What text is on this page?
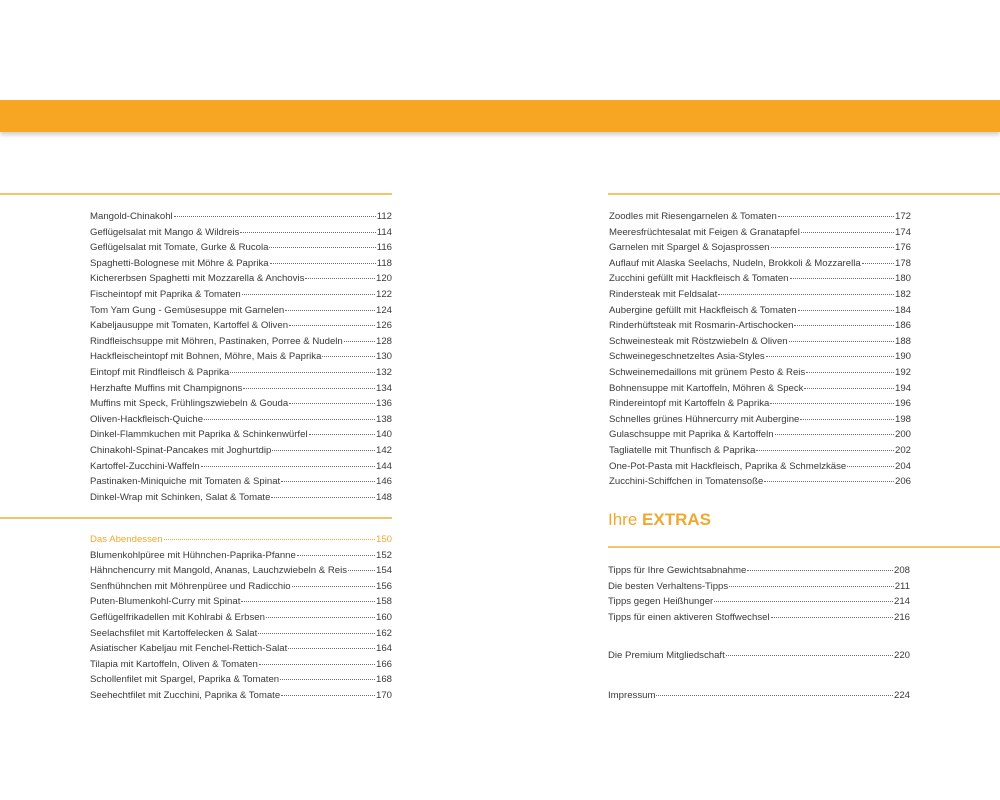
Mangold-Chinakohl	112
Geflügelsalat mit Mango & Wildreis	114
Geflügelsalat mit Tomate, Gurke & Rucola	116
Spaghetti-Bolognese mit Möhre & Paprika	118
Kichererbsen Spaghetti mit Mozzarella & Anchovis	120
Fischeintopf mit Paprika & Tomaten	122
Tom Yam Gung - Gemüsesuppe mit Garnelen	124
Kabeljausuppe mit Tomaten, Kartoffel & Oliven	126
Rindfleischsuppe mit Möhren, Pastinaken, Porree & Nudeln	128
Hackfleischeintopf mit Bohnen, Möhre, Mais & Paprika	130
Eintopf mit Rindfleisch & Paprika	132
Herzhafte Muffins mit Champignons	134
Muffins mit Speck, Frühlingszwiebeln & Gouda	136
Oliven-Hackfleisch-Quiche	138
Dinkel-Flammkuchen mit Paprika & Schinkenwürfel	140
Chinakohl-Spinat-Pancakes mit Joghurtdip	142
Kartoffel-Zucchini-Waffeln	144
Pastinaken-Miniquiche mit Tomaten & Spinat	146
Dinkel-Wrap mit Schinken, Salat & Tomate	148
Das Abendessen	150
Blumenkohlpüree mit Hühnchen-Paprika-Pfanne	152
Hähnchencurry mit Mangold, Ananas, Lauchzwiebeln & Reis	154
Senfhühnchen mit Möhrenpüree und Radicchio	156
Puten-Blumenkohl-Curry mit Spinat	158
Geflügelfrikadellen mit Kohlrabi & Erbsen	160
Seelachsfilet mit Kartoffelecken & Salat	162
Asiatischer Kabeljau mit Fenchel-Rettich-Salat	164
Tilapia mit Kartoffeln, Oliven & Tomaten	166
Schollenfilet mit Spargel, Paprika & Tomaten	168
Seehechtfilet mit Zucchini, Paprika & Tomate	170
Zoodles mit Riesengarnelen & Tomaten	172
Meeresfrüchtesalat mit Feigen & Granatapfel	174
Garnelen mit Spargel & Sojasprossen	176
Auflauf mit Alaska Seelachs, Nudeln, Brokkoli & Mozzarella	178
Zucchini gefüllt mit Hackfleisch & Tomaten	180
Rindersteak mit Feldsalat	182
Aubergine gefüllt mit Hackfleisch & Tomaten	184
Rinderhüftsteak mit Rosmarin-Artischocken	186
Schweinesteak mit Röstzwiebeln & Oliven	188
Schweinegeschnetzeltes Asia-Styles	190
Schweinemedaillons mit grünem Pesto & Reis	192
Bohnensuppe mit Kartoffeln, Möhren & Speck	194
Rindereintopf mit Kartoffeln & Paprika	196
Schnelles grünes Hühnercurry mit Aubergine	198
Gulaschsuppe mit Paprika & Kartoffeln	200
Tagliatelle mit Thunfisch & Paprika	202
One-Pot-Pasta mit Hackfleisch, Paprika & Schmelzkäse	204
Zucchini-Schiffchen in Tomatensoße	206
Ihre EXTRAS
Tipps für Ihre Gewichtsabnahme	208
Die besten Verhaltens-Tipps	211
Tipps gegen Heißhunger	214
Tipps für einen aktiveren Stoffwechsel	216
Die Premium Mitgliedschaft	220
Impressum	224
